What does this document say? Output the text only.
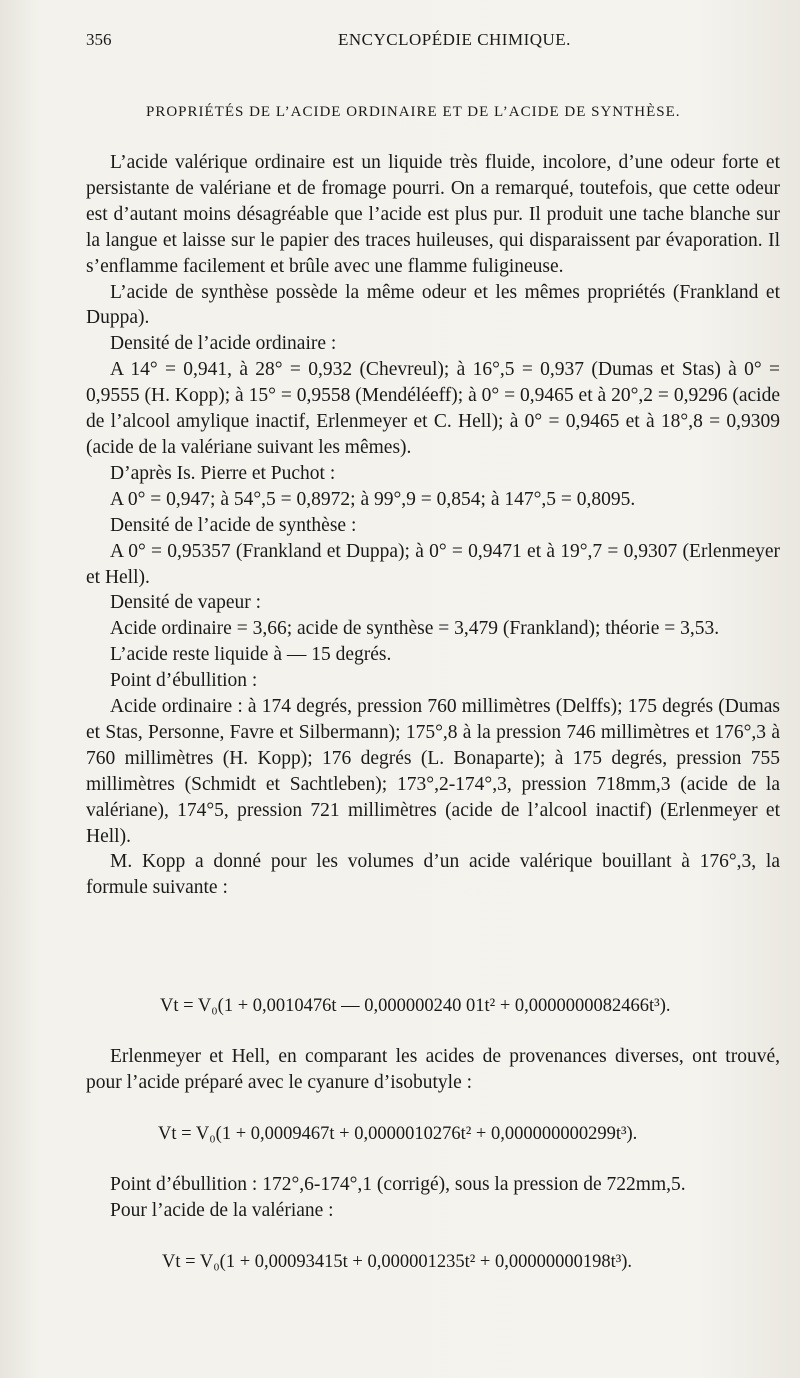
356	ENCYCLOPÉDIE CHIMIQUE.
PROPRIÉTÉS DE L’ACIDE ORDINAIRE ET DE L’ACIDE DE SYNTHÈSE.

L’acide valérique ordinaire est un liquide très fluide, incolore, d’une odeur forte et persistante de valériane et de fromage pourri. On a remarqué, toutefois, que cette odeur est d’autant moins désagréable que l’acide est plus pur. Il produit une tache blanche sur la langue et laisse sur le papier des traces huileuses, qui disparaissent par évaporation. Il s’enflamme facilement et brûle avec une flamme fuligineuse.

L’acide de synthèse possède la même odeur et les mêmes propriétés (Frankland et Duppa).

Densité de l’acide ordinaire :

A 14° = 0,941, à 28° = 0,932 (Chevreul); à 16°,5 = 0,937 (Dumas et Stas) à 0° = 0,9555 (H. Kopp); à 15° = 0,9558 (Mendéléeff); à 0° = 0,9465 et à 20°,2 = 0,9296 (acide de l’alcool amylique inactif, Erlenmeyer et C. Hell); à 0° = 0,9465 et à 18°,8 = 0,9309 (acide de la valériane suivant les mêmes).

D’après Is. Pierre et Puchot :

A 0° = 0,947; à 54°,5 = 0,8972; à 99°,9 = 0,854; à 147°,5 = 0,8095.

Densité de l’acide de synthèse :

A 0° = 0,95357 (Frankland et Duppa); à 0° = 0,9471 et à 19°,7 = 0,9307 (Erlenmeyer et Hell).

Densité de vapeur :

Acide ordinaire = 3,66; acide de synthèse = 3,479 (Frankland); théorie = 3,53.

L’acide reste liquide à — 15 degrés.

Point d’ébullition :

Acide ordinaire : à 174 degrés, pression 760 millimètres (Delffs); 175 degrés (Dumas et Stas, Personne, Favre et Silbermann); 175°,8 à la pression 746 millimètres et 176°,3 à 760 millimètres (H. Kopp); 176 degrés (L. Bonaparte); à 175 degrés, pression 755 millimètres (Schmidt et Sachtleben); 173°,2-174°,3, pression 718mm,3 (acide de la valériane), 174°5, pression 721 millimètres (acide de l’alcool inactif) (Erlenmeyer et Hell).

M. Kopp a donné pour les volumes d’un acide valérique bouillant à 176°,3, la formule suivante :

Vt = V₀(1 + 0,0010476t — 0,000000240 01t² + 0,0000000082466t³).

Erlenmeyer et Hell, en comparant les acides de provenances diverses, ont trouvé, pour l’acide préparé avec le cyanure d’isobutyle :

Vt = V₀(1 + 0,0009467t + 0,0000010276t² + 0,000000000299t³).

Point d’ébullition : 172°,6-174°,1 (corrigé), sous la pression de 722mm,5.

Pour l’acide de la valériane :

Vt = V₀(1 + 0,00093415t + 0,000001235t² + 0,00000000198t³).
